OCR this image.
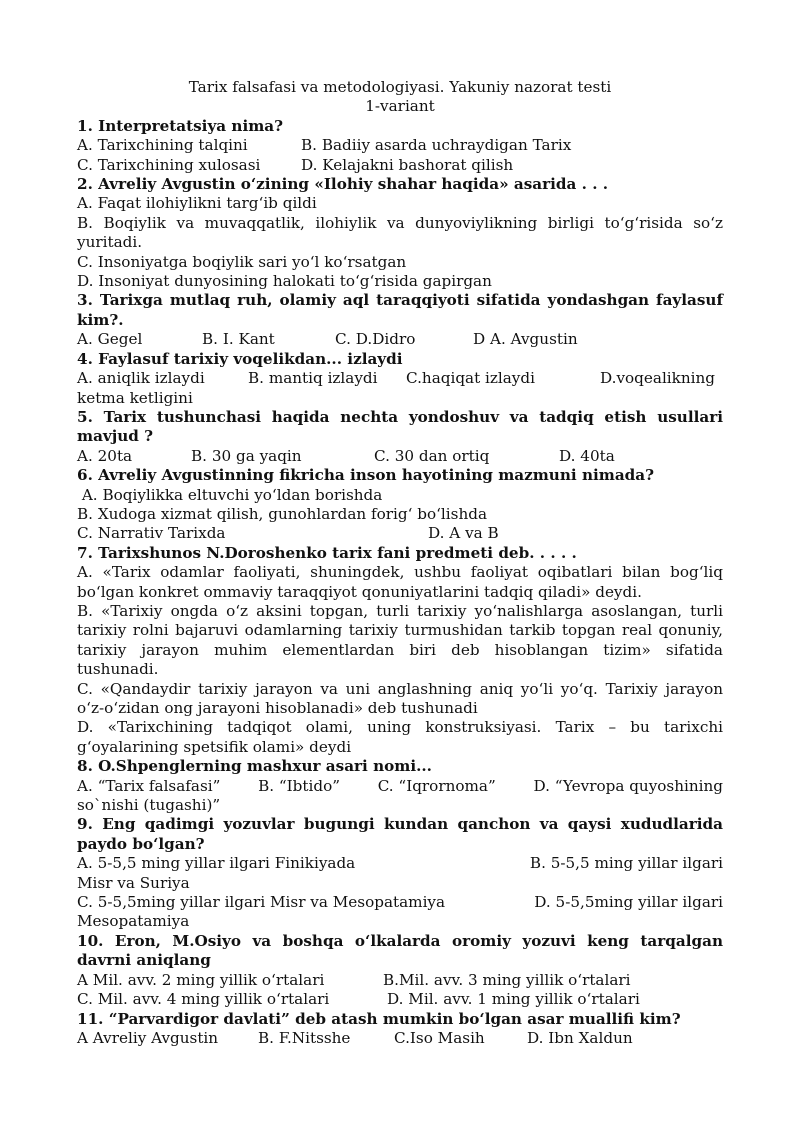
Tarix falsafasi va metodologiyasi. Yakuniy nazorat testi

1-variant

1. Interpretatsiya nima?

A. Tarixchining talqini	B. Badiiy asarda uchraydigan Tarix
C. Tarixchining xulosasi	D. Kelajakni bashorat qilish

2. Avreliy Avgustin o‘zining «Ilohiy shahar haqida» asarida . . .

A. Faqat ilohiylikni targ‘ib qildi

B. Boqiylik va muvaqqatlik, ilohiylik va dunyoviylikning birligi to‘g‘risida so‘z yuritadi.

C. Insoniyatga boqiylik sari yo‘l ko‘rsatgan

D. Insoniyat dunyosining halokati to‘g‘risida gapirgan

3. Tarixga mutlaq ruh, olamiy aql taraqqiyoti sifatida yondashgan faylasuf kim?.

A. Gegel	B. I. Kant	C. D.Didro	D A. Avgustin

4. Faylasuf tarixiy voqelikdan... izlaydi

A. aniqlik izlaydi	B. mantiq izlaydi	C.haqiqat izlaydi	D.voqealikning

ketma ketligini

5. Tarix tushunchasi haqida nechta yondoshuv va tadqiq etish usullari mavjud ?

A. 20ta	B. 30 ga yaqin	C. 30 dan ortiq	D. 40ta

6. Avreliy Avgustinning fikricha inson hayotining mazmuni nimada?

A. Boqiylikka eltuvchi yo‘ldan borishda

B. Xudoga xizmat qilish, gunohlardan forig‘ bo‘lishda

C. Narrativ Tarixda	D. A va B

7. Tarixshunos N.Doroshenko tarix fani predmeti deb. . . . .

A. «Tarix odamlar faoliyati, shuningdek, ushbu faoliyat oqibatlari bilan bog‘liq bo‘lgan konkret ommaviy taraqqiyot qonuniyatlarini tadqiq qiladi» deydi.

B. «Tarixiy ongda o‘z aksini topgan, turli tarixiy yo‘nalishlarga asoslangan, turli tarixiy rolni bajaruvi odamlarning tarixiy turmushidan tarkib topgan real qonuniy, tarixiy jarayon muhim elementlardan biri deb hisoblangan tizim» sifatida tushunadi.

C. «Qandaydir tarixiy jarayon va uni anglashning aniq yo‘li yo‘q. Tarixiy jarayon o‘z-o‘zidan ong jarayoni hisoblanadi» deb tushunadi

D. «Tarixchining tadqiqot olami, uning konstruksiyasi. Tarix – bu tarixchi g‘oyalarining spetsifik olami» deydi

8. O.Shpenglerning mashxur asari nomi...

A. “Tarix falsafasi” B. “Ibtido” C. “Iqrornoma” D. “Yevropa quyoshining

so`nishi (tugashi)”

9. Eng qadimgi yozuvlar bugungi kundan qanchon va qaysi xududlarida paydo bo‘lgan?

A. 5-5,5 ming yillar ilgari Finikiyada	B. 5-5,5 ming yillar ilgari

Misr va Suriya

C. 5-5,5ming yillar ilgari Misr va Mesopatamiya	D. 5-5,5ming yillar ilgari

Mesopatamiya

10. Eron, M.Osiyo va boshqa o‘lkalarda oromiy yozuvi keng tarqalgan davrni aniqlang

A Mil. avv. 2 ming yillik o‘rtalari	B.Mil. avv. 3 ming yillik o‘rtalari
C. Mil. avv. 4 ming yillik o‘rtalari	D. Mil. avv. 1 ming yillik o‘rtalari

11. “Parvardigor davlati” deb atash mumkin bo‘lgan asar muallifi kim?

A Avreliy Avgustin	B. F.Nitsshe	C.Iso Masih	D. Ibn Xaldun
